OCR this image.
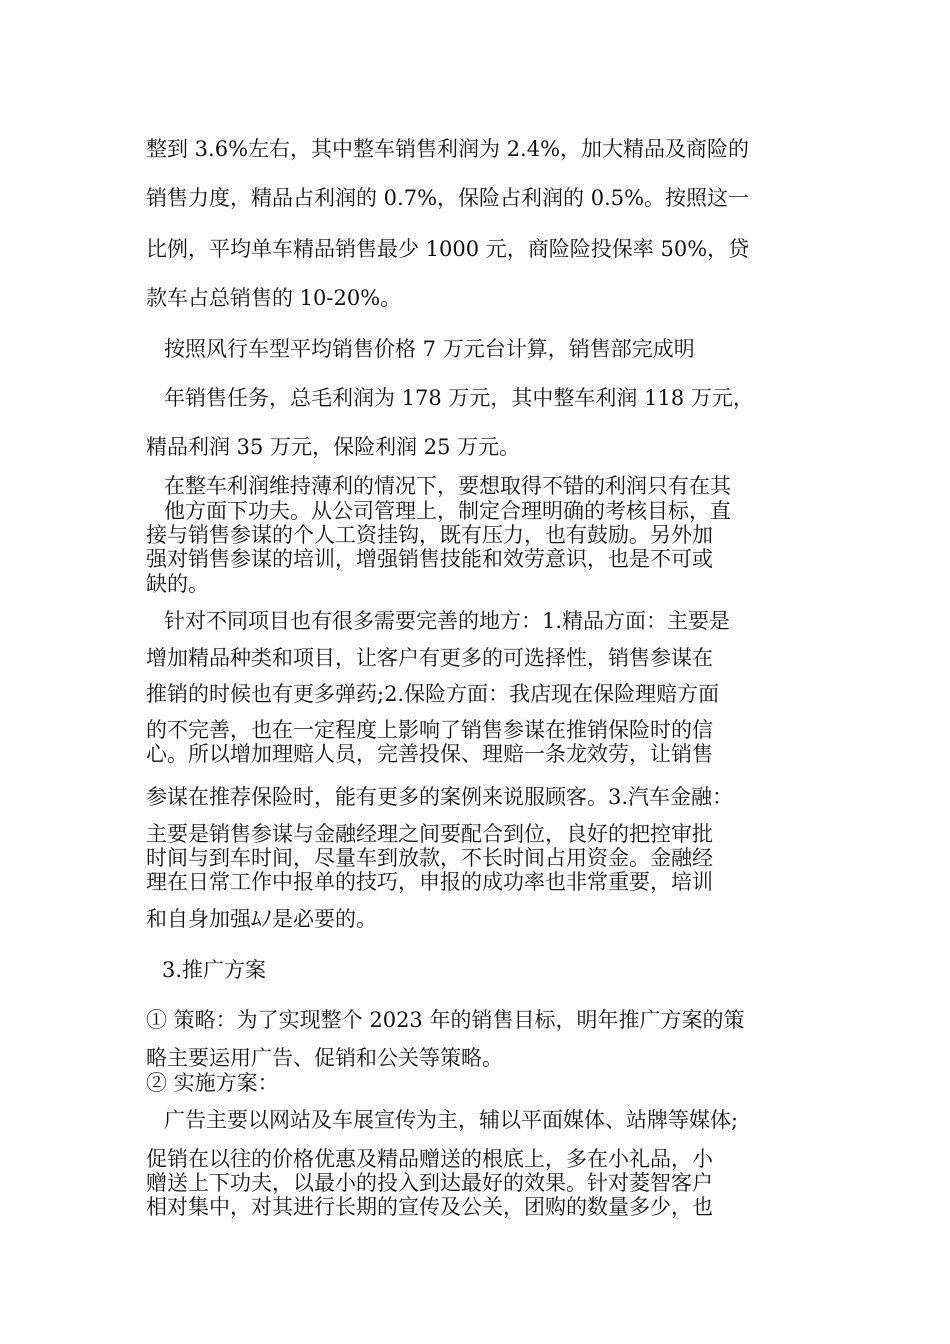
整到 3.6%左右，其中整车销售利润为 2.4%，加大精品及商险的
销售力度，精品占利润的 0.7%，保险占利润的 0.5%。按照这一
比例，平均单车精品销售最少 1000 元，商险险投保率 50%，贷
款车占总销售的 10-20%。
按照风行车型平均销售价格 7 万元台计算，销售部完成明
年销售任务，总毛利润为 178 万元，其中整车利润 118 万元，
精品利润 35 万元，保险利润 25 万元。
在整车利润维持薄利的情况下，要想取得不错的利润只有在其
他方面下功夫。从公司管理上，制定合理明确的考核目标，直
接与销售参谋的个人工资挂钩，既有压力，也有鼓励。另外加
强对销售参谋的培训，增强销售技能和效劳意识，也是不可或
缺的。
针对不同项目也有很多需要完善的地方：1.精品方面：主要是
增加精品种类和项目，让客户有更多的可选择性，销售参谋在
推销的时候也有更多弹药;2.保险方面：我店现在保险理赔方面
的不完善，也在一定程度上影响了销售参谋在推销保险时的信
心。所以增加理赔人员，完善投保、理赔一条龙效劳，让销售
参谋在推荐保险时，能有更多的案例来说服顾客。3.汽车金融：
主要是销售参谋与金融经理之间要配合到位，良好的把控审批
时间与到车时间，尽量车到放款，不长时间占用资金。金融经
理在日常工作中报单的技巧，申报的成功率也非常重要，培训
和自身加强ﾑﾉ是必要的。
3.推广方案
① 策略：为了实现整个 2023 年的销售目标，明年推广方案的策
略主要运用广告、促销和公关等策略。
② 实施方案：
广告主要以网站及车展宣传为主，辅以平面媒体、站牌等媒体;
促销在以往的价格优惠及精品赠送的根底上，多在小礼品，小
赠送上下功夫，以最小的投入到达最好的效果。针对菱智客户
相对集中，对其进行长期的宣传及公关，团购的数量多少，也
